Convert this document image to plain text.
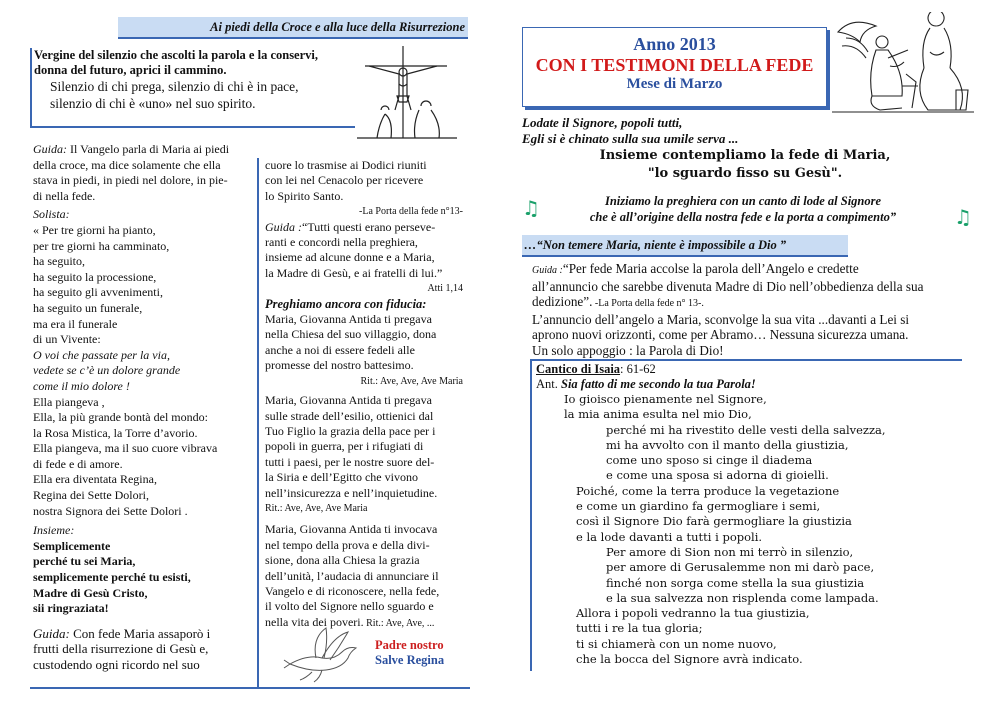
Ai piedi della Croce e alla luce della Risurrezione
Vergine del silenzio che ascolti la parola e la conservi,
donna del futuro, aprici il cammino.
Silenzio di chi prega, silenzio di chi è in pace,
silenzio di chi è «uno» nel suo spirito.
Guida: Il Vangelo parla di Maria ai piedi
della croce, ma dice solamente che ella
stava in piedi, in piedi nel dolore, in pie-
di nella fede.
Solista:
« Per tre giorni ha pianto,
per tre giorni ha camminato,
ha seguito,
ha seguito la processione,
ha seguito gli avvenimenti,
ha seguito un funerale,
ma era il funerale
di un Vivente:
O voi che passate per la via,
vedete se c’è un dolore grande
come il mio dolore !
Ella piangeva ,
Ella, la più grande bontà del mondo:
la Rosa Mistica, la Torre d’avorio.
Ella piangeva, ma il suo cuore vibrava
di fede e di amore.
Ella era diventata Regina,
Regina dei Sette Dolori,
nostra Signora dei Sette Dolori .
Insieme:
Semplicemente
perché tu sei Maria,
semplicemente perché tu esisti,
Madre di Gesù Cristo,
sii ringraziata!
Guida: Con fede Maria assaporò i
frutti della risurrezione di Gesù e,
custodendo ogni ricordo nel suo
cuore lo trasmise ai Dodici riuniti
con lei nel Cenacolo per ricevere
lo Spirito Santo.
-La Porta della fede n°13-
Guida :“Tutti questi erano perseve-
ranti e concordi nella preghiera,
insieme ad alcune donne e a Maria,
la Madre di Gesù, e ai fratelli di lui.”
Atti 1,14
Preghiamo ancora con fiducia:
Maria, Giovanna Antida ti pregava
nella Chiesa del suo villaggio, dona
anche a noi di essere fedeli alle
promesse del nostro battesimo.
Rit.: Ave, Ave, Ave Maria
Maria, Giovanna Antida ti pregava
sulle strade dell’esilio, ottienici dal
Tuo Figlio la grazia della pace per i
popoli in guerra, per i rifugiati di
tutti i paesi, per le nostre suore del-
la Siria e dell’Egitto che vivono
nell’insicurezza e nell’inquietudine.
Rit.: Ave, Ave, Ave Maria
Maria, Giovanna Antida ti invocava
nel tempo della prova e della divi-
sione, dona alla Chiesa la grazia
dell’unità, l’audacia di annunciare il
Vangelo e di riconoscere, nella fede,
il volto del Signore nello sguardo e
nella vita dei poveri. Rit.: Ave, Ave, ...
Padre nostro
Salve Regina
Anno 2013
CON I TESTIMONI DELLA FEDE
Mese di Marzo
Lodate il Signore, popoli tutti,
Egli si è chinato sulla sua umile serva ...
Insieme contempliamo la fede di Maria,
"lo sguardo fisso su Gesù".
♫	♫
Iniziamo la preghiera con un canto di lode al Signore
che è all’origine della nostra fede e la porta a compimento”
…“Non temere Maria, niente è impossibile a Dio ”
Guida :“Per fede Maria accolse la parola dell’Angelo e credette
all’annuncio che sarebbe divenuta Madre di Dio nell’obbedienza della sua
dedizione”. -La Porta della fede n° 13-.
L’annuncio dell’angelo a Maria, sconvolge la sua vita ...davanti a Lei si
aprono nuovi orizzonti, come per Abramo… Nessuna sicurezza umana.
Un solo appoggio : la Parola di Dio!
Cantico di Isaia: 61-62
Ant. Sia fatto di me secondo la tua Parola!
Io gioisco pienamente nel Signore,
la mia anima esulta nel mio Dio,
perché mi ha rivestito delle vesti della salvezza,
mi ha avvolto con il manto della giustizia,
come uno sposo si cinge il diadema
e come una sposa si adorna di gioielli.
Poiché, come la terra produce la vegetazione
e come un giardino fa germogliare i semi,
così il Signore Dio farà germogliare la giustizia
e la lode davanti a tutti i popoli.
Per amore di Sion non mi terrò in silenzio,
per amore di Gerusalemme non mi darò pace,
finché non sorga come stella la sua giustizia
e la sua salvezza non risplenda come lampada.
Allora i popoli vedranno la tua giustizia,
tutti i re la tua gloria;
ti si chiamerà con un nome nuovo,
che la bocca del Signore avrà indicato.
